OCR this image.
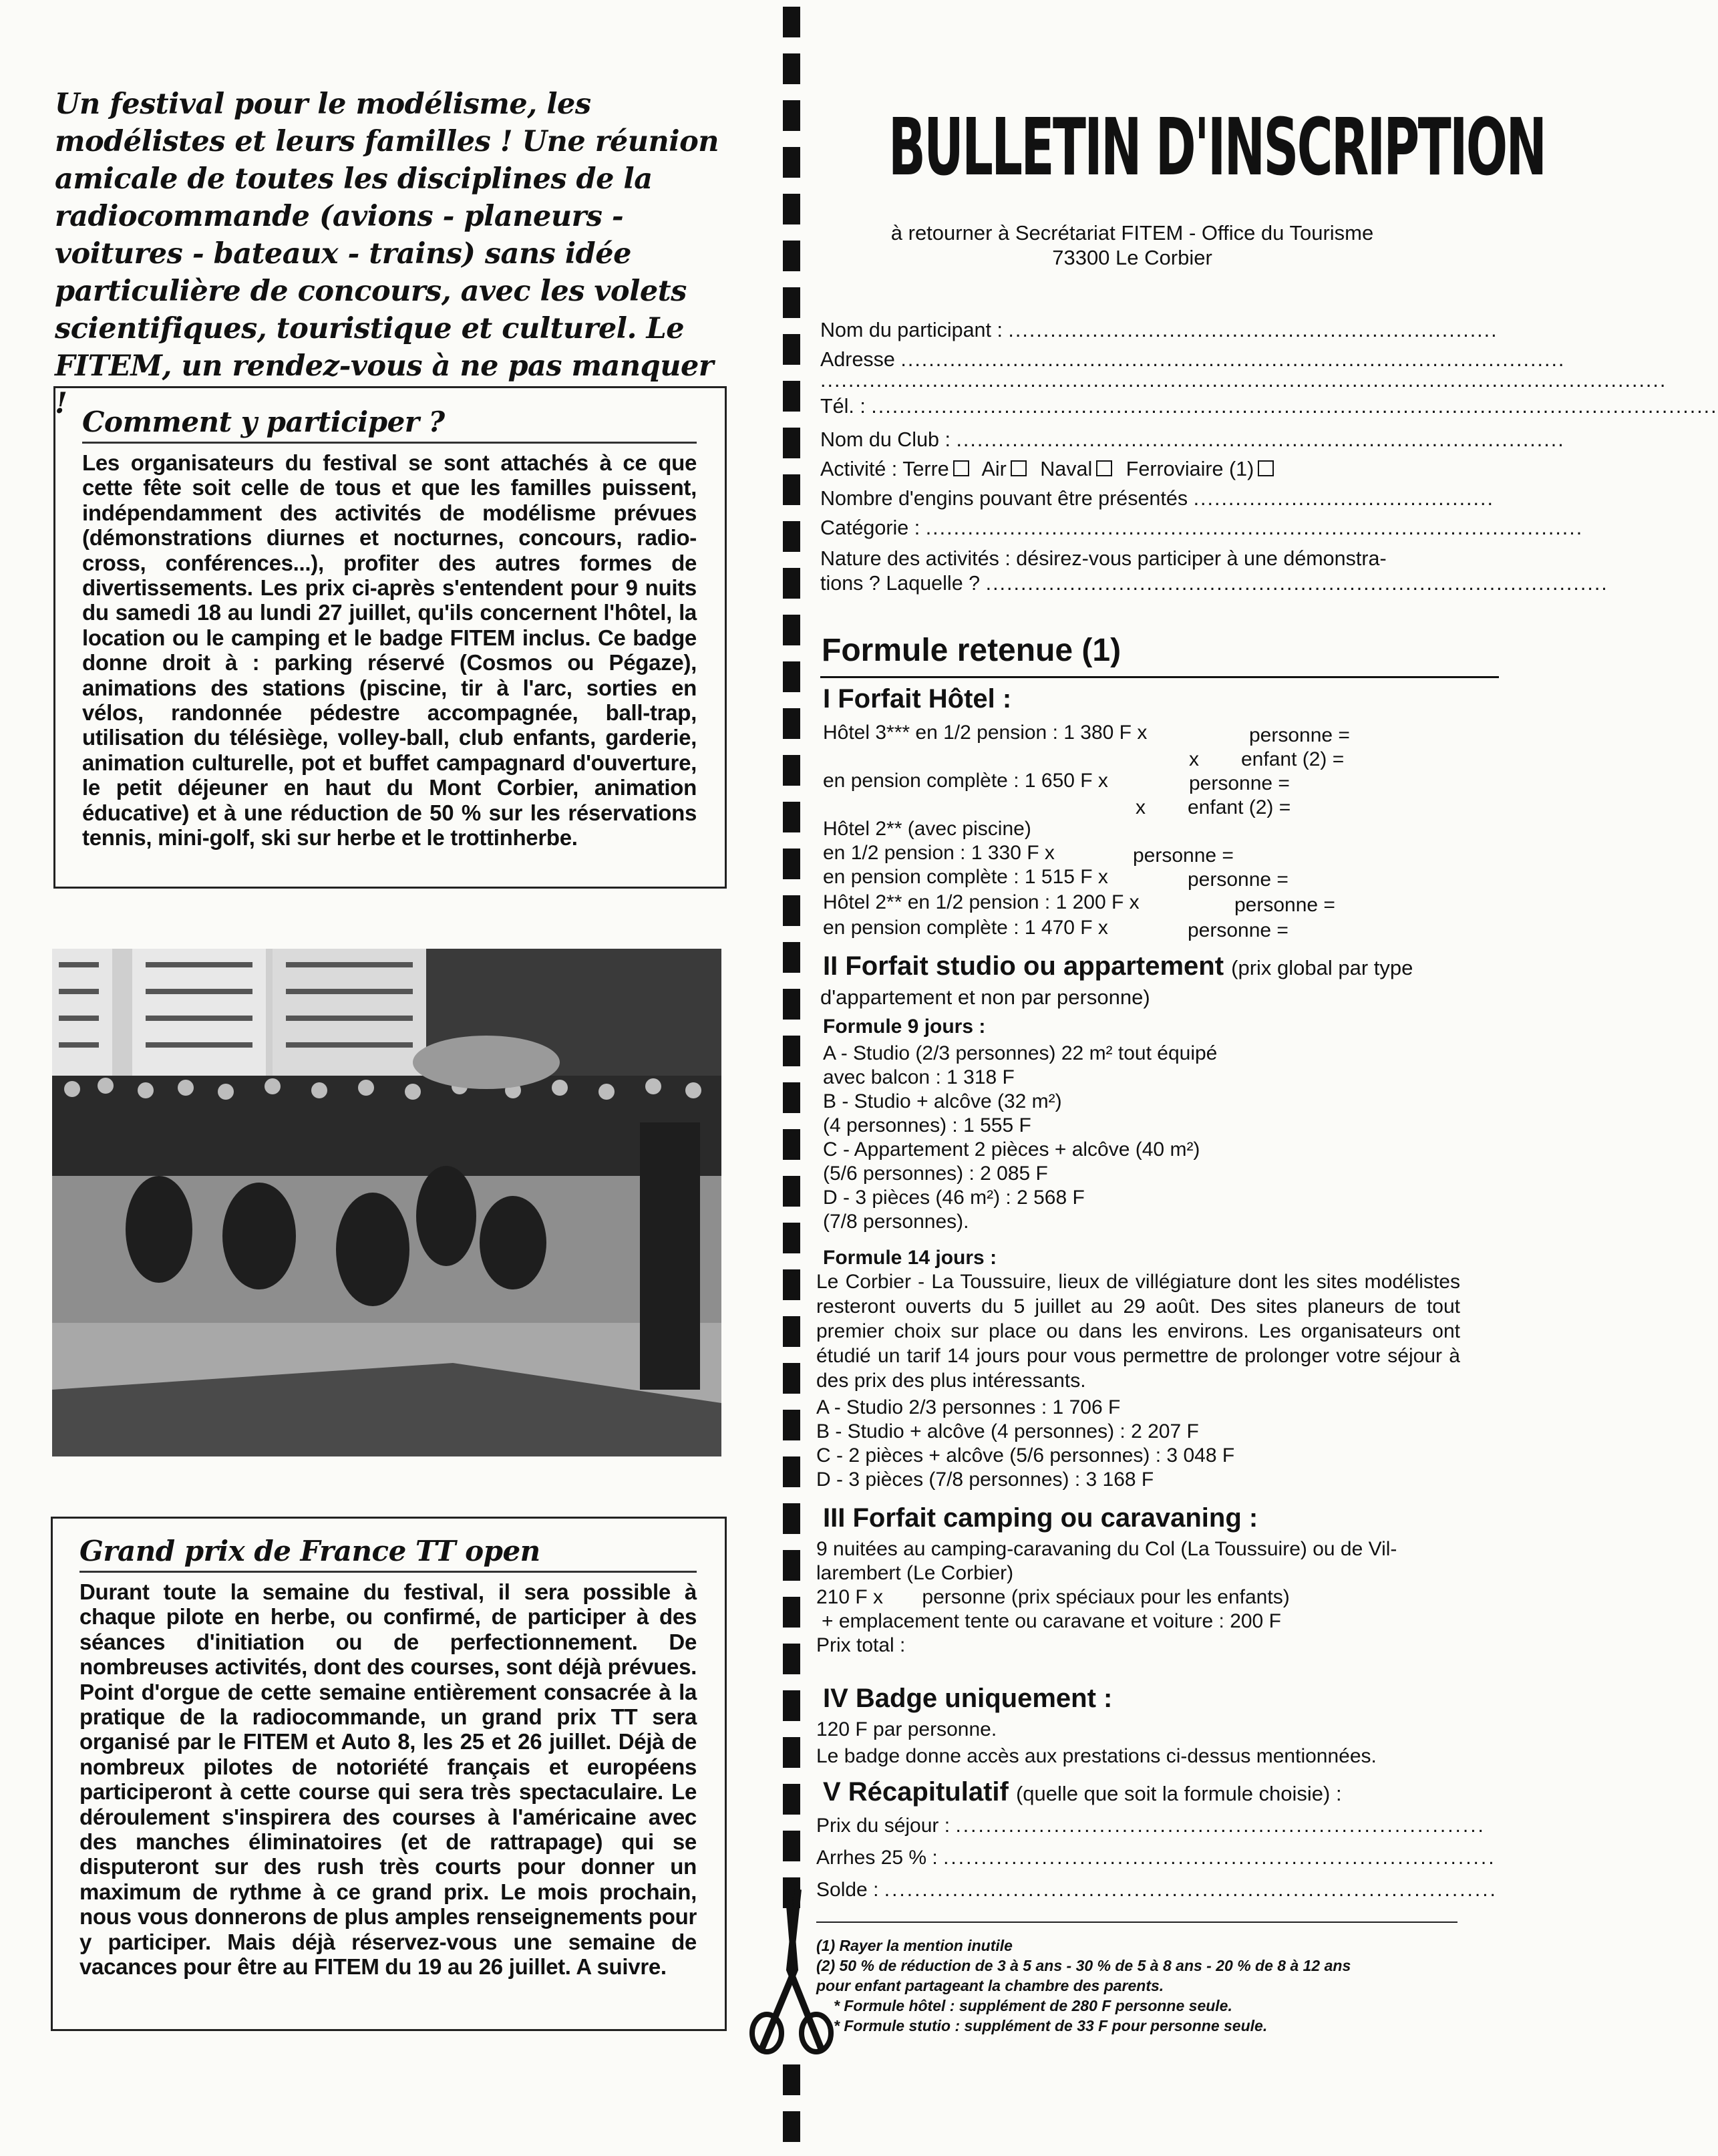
Un festival pour le modélisme, les modélistes et leurs familles ! Une réunion amicale de toutes les disciplines de la radiocommande (avions - planeurs - voitures - bateaux - trains) sans idée particulière de concours, avec les volets scientifiques, touristique et culturel. Le FITEM, un rendez-vous à ne pas manquer !
Comment y participer ?

Les organisateurs du festival se sont attachés à ce que cette fête soit celle de tous et que les familles puissent, indépendamment des activités de modélisme prévues (démonstrations diurnes et nocturnes, concours, radio-cross, conférences...), profiter des autres formes de divertissements. Les prix ci-après s'entendent pour 9 nuits du samedi 18 au lundi 27 juillet, qu'ils concernent l'hôtel, la location ou le camping et le badge FITEM inclus. Ce badge donne droit à : parking réservé (Cosmos ou Pégaze), animations des stations (piscine, tir à l'arc, sorties en vélos, randonnée pédestre accompagnée, ball-trap, utilisation du télésiège, volley-ball, club enfants, garderie, animation culturelle, pot et buffet campagnard d'ouverture, le petit déjeuner en haut du Mont Corbier, animation éducative) et à une réduction de 50 % sur les réservations tennis, mini-golf, ski sur herbe et le trottinherbe.

Grand prix de France TT open

Durant toute la semaine du festival, il sera possible à chaque pilote en herbe, ou confirmé, de participer à des séances d'initiation ou de perfectionnement. De nombreuses activités, dont des courses, sont déjà prévues. Point d'orgue de cette semaine entièrement consacrée à la pratique de la radiocommande, un grand prix TT sera organisé par le FITEM et Auto 8, les 25 et 26 juillet. Déjà de nombreux pilotes de notoriété français et européens participeront à cette course qui sera très spectaculaire. Le déroulement s'inspirera des courses à l'américaine avec des manches éliminatoires (et de rattrapage) qui se disputeront sur des rush très courts pour donner un maximum de rythme à ce grand prix. Le mois prochain, nous vous donnerons de plus amples renseignements pour y participer. Mais déjà réservez-vous une semaine de vacances pour être au FITEM du 19 au 26 juillet. A suivre.

BULLETIN D'INSCRIPTION
à retourner à Secrétariat FITEM - Office du Tourisme
73300 Le Corbier
Nom du participant : ......................................................................
Adresse ...............................................................................................
.........................................................................................................................
Tél. : .........................................................................................................................
Nom du Club : .......................................................................................
Activité : Terre Air Naval Ferroviaire (1)
Nombre d'engins pouvant être présentés ...........................................
Catégorie : ..............................................................................................
Nature des activités : désirez-vous participer à une démonstra-
tions ? Laquelle ? .........................................................................................
Formule retenue (1)
I Forfait Hôtel :
Hôtel 3*** en 1/2 pension : 1 380 F x	personne =
x enfant (2) =
en pension complète : 1 650 F x	personne =
x enfant (2) =
Hôtel 2** (avec piscine)
en 1/2 pension : 1 330 F x	personne =
en pension complète : 1 515 F x	personne =
Hôtel 2** en 1/2 pension : 1 200 F x	personne =
en pension complète : 1 470 F x	personne =
II Forfait studio ou appartement (prix global par type
d'appartement et non par personne)
Formule 9 jours :
A - Studio (2/3 personnes) 22 m² tout équipé
avec balcon : 1 318 F
B - Studio + alcôve (32 m²)
(4 personnes) : 1 555 F
C - Appartement 2 pièces + alcôve (40 m²)
(5/6 personnes) : 2 085 F
D - 3 pièces (46 m²) : 2 568 F
(7/8 personnes).
Formule 14 jours :
Le Corbier - La Toussuire, lieux de villégiature dont les sites modélistes resteront ouverts du 5 juillet au 29 août. Des sites planeurs de tout premier choix sur place ou dans les environs. Les organisateurs ont étudié un tarif 14 jours pour vous permettre de prolonger votre séjour à des prix des plus intéressants.
A - Studio 2/3 personnes : 1 706 F
B - Studio + alcôve (4 personnes) : 2 207 F
C - 2 pièces + alcôve (5/6 personnes) : 3 048 F
D - 3 pièces (7/8 personnes) : 3 168 F
III Forfait camping ou caravaning :
9 nuitées au camping-caravaning du Col (La Toussuire) ou de Vil-
larembert (Le Corbier)
210 F x       personne (prix spéciaux pour les enfants)
+ emplacement tente ou caravane et voiture : 200 F
Prix total :
IV Badge uniquement :
120 F par personne.
Le badge donne accès aux prestations ci-dessus mentionnées.
V Récapitulatif (quelle que soit la formule choisie) :
Prix du séjour : ......................................................................
Arrhes 25 % : .........................................................................
Solde : .................................................................................
(1) Rayer la mention inutile
(2) 50 % de réduction de 3 à 5 ans - 30 % de 5 à 8 ans - 20 % de 8 à 12 ans
pour enfant partageant la chambre des parents.
* Formule hôtel : supplément de 280 F personne seule.
* Formule stutio : supplément de 33 F pour personne seule.
